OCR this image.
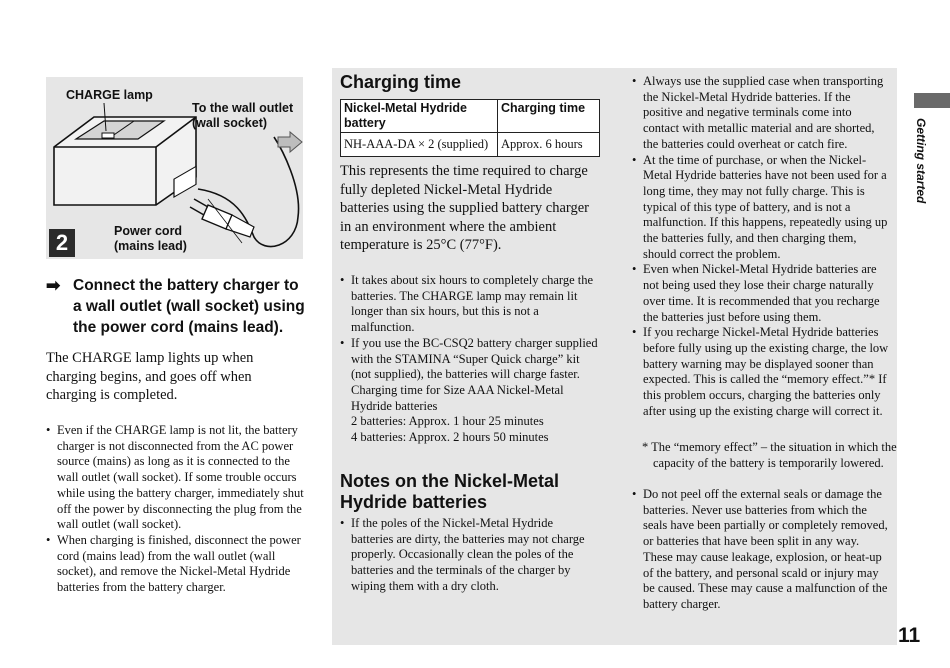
CHARGE lamp
To the wall outlet
(wall socket)
Power cord
(mains lead)
2
➡ Connect the battery charger to a wall outlet (wall socket) using the power cord (mains lead).
The CHARGE lamp lights up when charging begins, and goes off when charging is completed.
• Even if the CHARGE lamp is not lit, the battery charger is not disconnected from the AC power source (mains) as long as it is connected to the wall outlet (wall socket). If some trouble occurs while using the battery charger, immediately shut off the power by disconnecting the plug from the wall outlet (wall socket).
• When charging is finished, disconnect the power cord (mains lead) from the wall outlet (wall socket), and remove the Nickel-Metal Hydride batteries from the battery charger.
Charging time
Nickel-Metal Hydride battery	Charging time
NH-AAA-DA × 2 (supplied)	Approx. 6 hours
This represents the time required to charge fully depleted Nickel-Metal Hydride batteries using the supplied battery charger in an environment where the ambient temperature is 25°C (77°F).
• It takes about six hours to completely charge the batteries. The CHARGE lamp may remain lit longer than six hours, but this is not a malfunction.
• If you use the BC-CSQ2 battery charger supplied with the STAMINA “Super Quick charge” kit (not supplied), the batteries will charge faster.
Charging time for Size AAA Nickel-Metal Hydride batteries
2 batteries: Approx. 1 hour 25 minutes
4 batteries: Approx. 2 hours 50 minutes
Notes on the Nickel-Metal Hydride batteries
• If the poles of the Nickel-Metal Hydride batteries are dirty, the batteries may not charge properly. Occasionally clean the poles of the batteries and the terminals of the charger by wiping them with a dry cloth.
• Always use the supplied case when transporting the Nickel-Metal Hydride batteries. If the positive and negative terminals come into contact with metallic material and are shorted, the batteries could overheat or catch fire.
• At the time of purchase, or when the Nickel-Metal Hydride batteries have not been used for a long time, they may not fully charge. This is typical of this type of battery, and is not a malfunction. If this happens, repeatedly using up the batteries fully, and then charging them, should correct the problem.
• Even when Nickel-Metal Hydride batteries are not being used they lose their charge naturally over time. It is recommended that you recharge the batteries just before using them.
• If you recharge Nickel-Metal Hydride batteries before fully using up the existing charge, the low battery warning may be displayed sooner than expected. This is called the “memory effect.”* If this problem occurs, charging the batteries only after using up the existing charge will correct it.
* The “memory effect” – the situation in which the capacity of the battery is temporarily lowered.
• Do not peel off the external seals or damage the batteries. Never use batteries from which the seals have been partially or completely removed, or batteries that have been split in any way. These may cause leakage, explosion, or heat-up of the battery, and personal scald or injury may be caused. These may cause a malfunction of the battery charger.
Getting started
11
